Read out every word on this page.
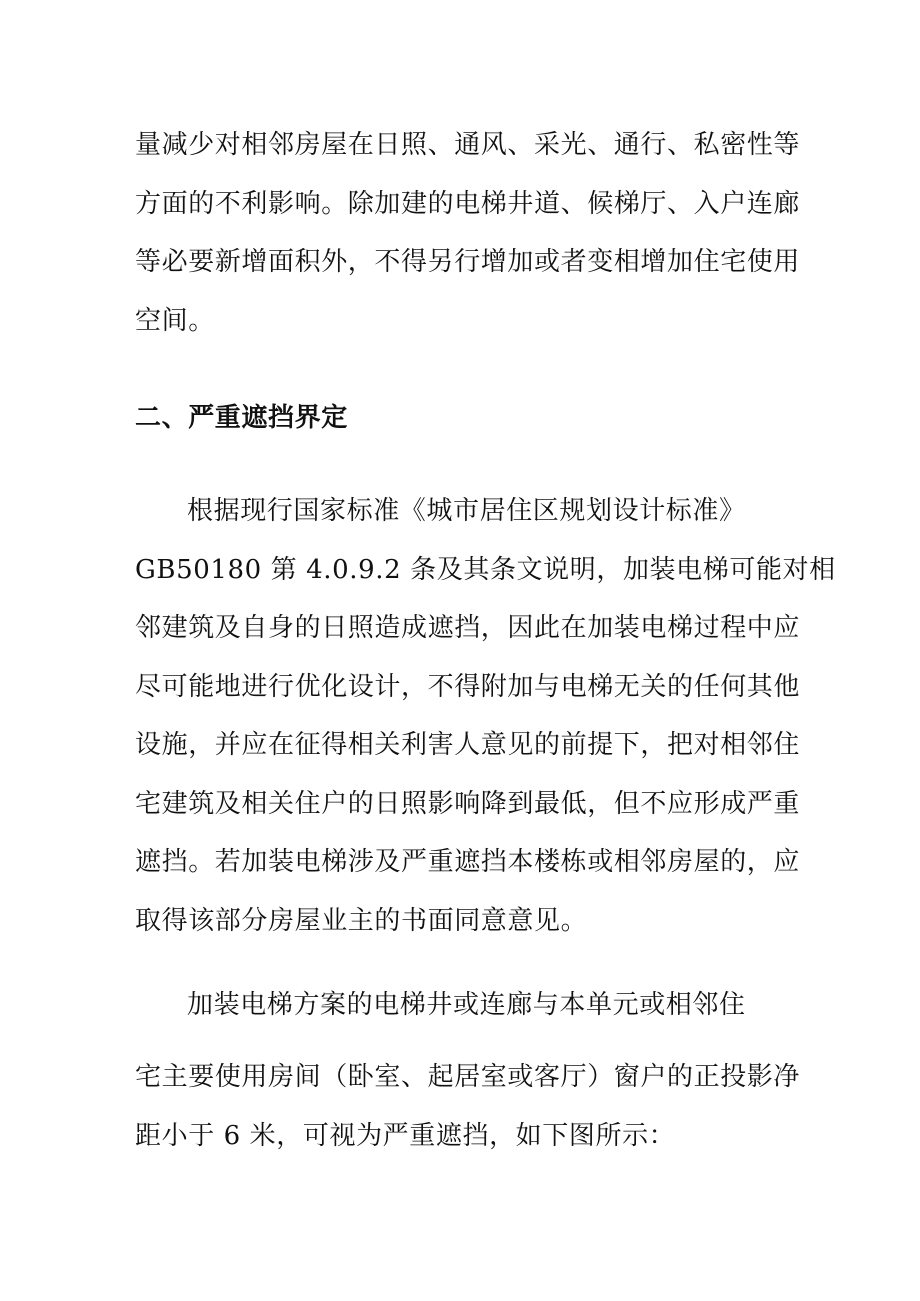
量减少对相邻房屋在日照、通风、采光、通行、私密性等
方面的不利影响。除加建的电梯井道、候梯厅、入户连廊
等必要新增面积外，不得另行增加或者变相增加住宅使用
空间。

二、严重遮挡界定

根据现行国家标准《城市居住区规划设计标准》
GB50180 第 4.0.9.2 条及其条文说明，加装电梯可能对相
邻建筑及自身的日照造成遮挡，因此在加装电梯过程中应
尽可能地进行优化设计，不得附加与电梯无关的任何其他
设施，并应在征得相关利害人意见的前提下，把对相邻住
宅建筑及相关住户的日照影响降到最低，但不应形成严重
遮挡。若加装电梯涉及严重遮挡本楼栋或相邻房屋的，应
取得该部分房屋业主的书面同意意见。

加装电梯方案的电梯井或连廊与本单元或相邻住
宅主要使用房间（卧室、起居室或客厅）窗户的正投影净
距小于 6 米，可视为严重遮挡，如下图所示：
